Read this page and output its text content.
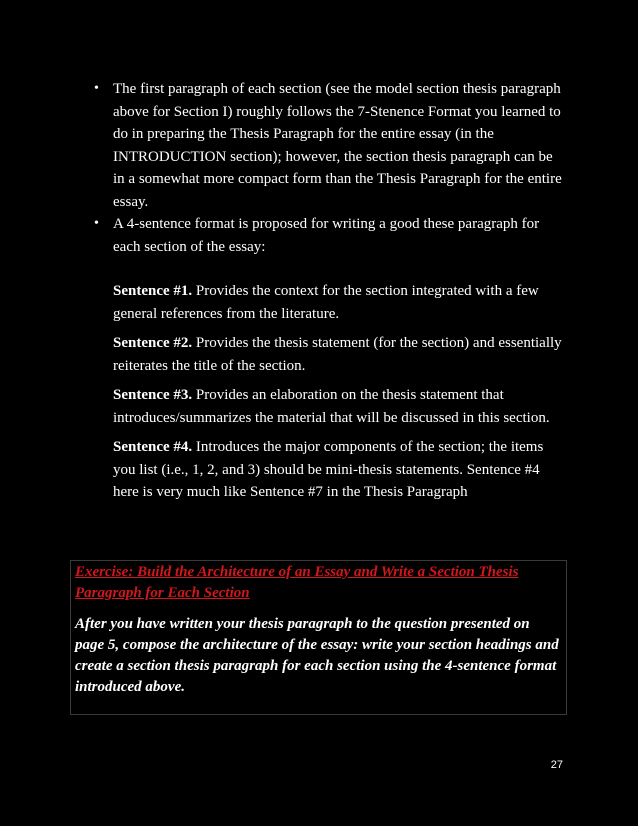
• The first paragraph of each section (see the model section thesis paragraph above for Section I) roughly follows the 7-Stenence Format you learned to do in preparing the Thesis Paragraph for the entire essay (in the INTRODUCTION section); however, the section thesis paragraph can be in a somewhat more compact form than the Thesis Paragraph for the entire essay.
• A 4-sentence format is proposed for writing a good these paragraph for each section of the essay:

Sentence #1. Provides the context for the section integrated with a few general references from the literature.

Sentence #2. Provides the thesis statement (for the section) and essentially reiterates the title of the section.

Sentence #3. Provides an elaboration on the thesis statement that introduces/summarizes the material that will be discussed in this section.

Sentence #4. Introduces the major components of the section; the items you list (i.e., 1, 2, and 3) should be mini-thesis statements. Sentence #4 here is very much like Sentence #7 in the Thesis Paragraph

Exercise: Build the Architecture of an Essay and Write a Section Thesis Paragraph for Each Section
After you have written your thesis paragraph to the question presented on page 5, compose the architecture of the essay: write your section headings and create a section thesis paragraph for each section using the 4-sentence format introduced above.
27
